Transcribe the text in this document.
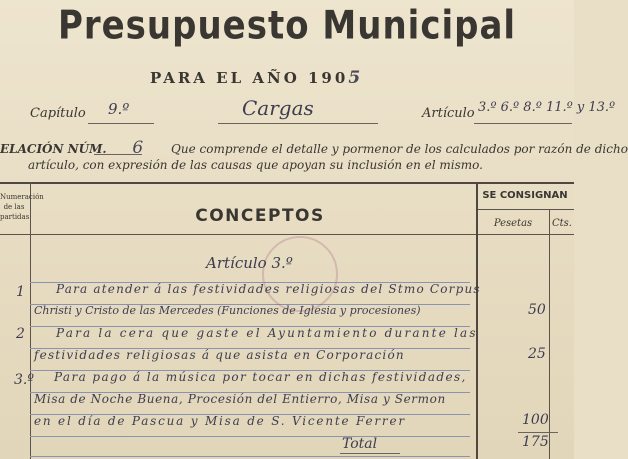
Presupuesto Municipal
PARA EL AÑO 1905
Capítulo 9.º	Cargas	Artículo 3.º 6.º 8.º 11.º y 13.º
ELACIÓN NÚM. 6 Que comprende el detalle y pormenor de los calculados por razón de dicho
artículo, con expresión de las causas que apoyan su inclusión en el mismo.
Numeración de las partidas	CONCEPTOS
SE CONSIGNAN
Pesetas	Cts.
Artículo 3.º
1	Para atender á las festividades religiosas del Stmo Corpus
Christi y Cristo de las Mercedes (Funciones de Iglesia y procesiones)	50
2	Para la cera que gaste el Ayuntamiento durante las
festividades religiosas á que asista en Corporación	25
3.º Para pago á la música por tocar en dichas festividades,
Misa de Noche Buena, Procesión del Entierro, Misa y Sermon
en el día de Pascua y Misa de S. Vicente Ferrer	100
Total	175
